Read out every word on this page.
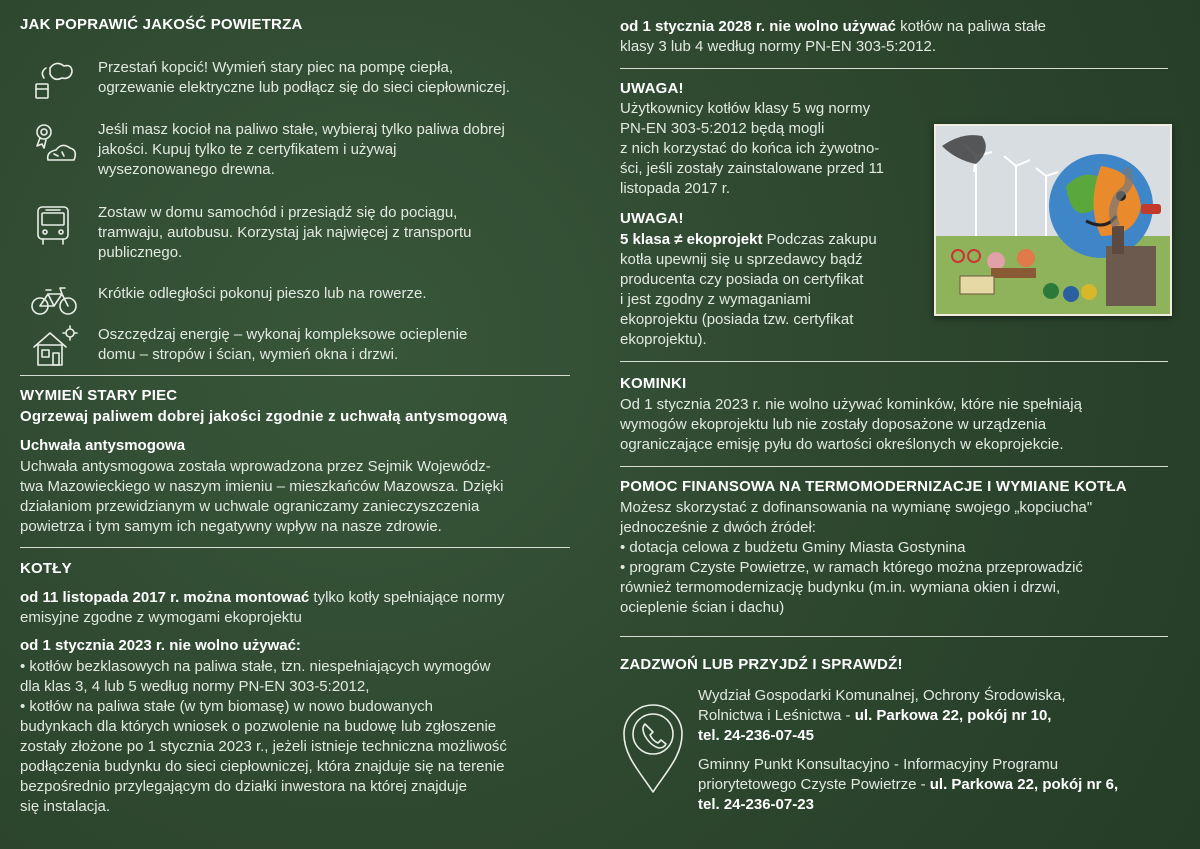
JAK POPRAWIĆ JAKOŚĆ POWIETRZA
Przestań kopcić! Wymień stary piec na pompę ciepła,
ogrzewanie elektryczne lub podłącz się do sieci ciepłowniczej.
Jeśli masz kocioł na paliwo stałe, wybieraj tylko paliwa dobrej
jakości. Kupuj tylko te z certyfikatem i używaj
wysezonowanego drewna.
Zostaw w domu samochód i przesiądź się do pociągu,
tramwaju, autobusu. Korzystaj jak najwięcej z transportu
publicznego.
Krótkie odległości pokonuj pieszo lub na rowerze.
Oszczędzaj energię – wykonaj kompleksowe ocieplenie
domu – stropów i ścian, wymień okna i drzwi.
WYMIEŃ STARY PIEC
Ogrzewaj paliwem dobrej jakości zgodnie z uchwałą antysmogową
Uchwała antysmogowa
Uchwała antysmogowa została wprowadzona przez Sejmik Wojewódz-
twa Mazowieckiego w naszym imieniu – mieszkańców Mazowsza. Dzięki
działaniom przewidzianym w uchwale ograniczamy zanieczyszczenia
powietrza i tym samym ich negatywny wpływ na nasze zdrowie.
KOTŁY
od 11 listopada 2017 r. można montować tylko kotły spełniające normy
emisyjne zgodne z wymogami ekoprojektu
od 1 stycznia 2023 r. nie wolno używać:
• kotłów bezklasowych na paliwa stałe, tzn. niespełniających wymogów
dla klas 3, 4 lub 5 według normy PN-EN 303-5:2012,
• kotłów na paliwa stałe (w tym biomasę) w nowo budowanych
budynkach dla których wniosek o pozwolenie na budowę lub zgłoszenie
zostały złożone po 1 stycznia 2023 r., jeżeli istnieje techniczna możliwość
podłączenia budynku do sieci ciepłowniczej, która znajduje się na terenie
bezpośrednio przylegającym do działki inwestora na której znajduje
się instalacja.
od 1 stycznia 2028 r. nie wolno używać kotłów na paliwa stałe
klasy 3 lub 4 według normy PN-EN 303-5:2012.
UWAGA!
Użytkownicy kotłów klasy 5 wg normy
PN-EN 303-5:2012 będą mogli
z nich korzystać do końca ich żywotno-
ści, jeśli zostały zainstalowane przed 11
listopada 2017 r.
UWAGA!
5 klasa ≠ ekoprojekt Podczas zakupu
kotła upewnij się u sprzedawcy bądź
producenta czy posiada on certyfikat
i jest zgodny z wymaganiami
ekoprojektu (posiada tzw. certyfikat
ekoprojektu).
KOMINKI
Od 1 stycznia 2023 r. nie wolno używać kominków, które nie spełniają
wymogów ekoprojektu lub nie zostały doposażone w urządzenia
ograniczające emisję pyłu do wartości określonych w ekoprojekcie.
POMOC FINANSOWA NA TERMOMODERNIZACJE I WYMIANE KOTŁA
Możesz skorzystać z dofinansowania na wymianę swojego „kopciucha"
jednocześnie z dwóch źródeł:
• dotacja celowa z budżetu Gminy Miasta Gostynina
• program Czyste Powietrze, w ramach którego można przeprowadzić
również termomodernizację budynku (m.in. wymiana okien i drzwi,
ocieplenie ścian i dachu)
ZADZWOŃ LUB PRZYJDŹ I SPRAWDŹ!
Wydział Gospodarki Komunalnej, Ochrony Środowiska,
Rolnictwa i Leśnictwa - ul. Parkowa 22, pokój nr 10,
tel. 24-236-07-45
Gminny Punkt Konsultacyjno - Informacyjny Programu
priorytetowego Czyste Powietrze - ul. Parkowa 22, pokój nr 6,
tel. 24-236-07-23
